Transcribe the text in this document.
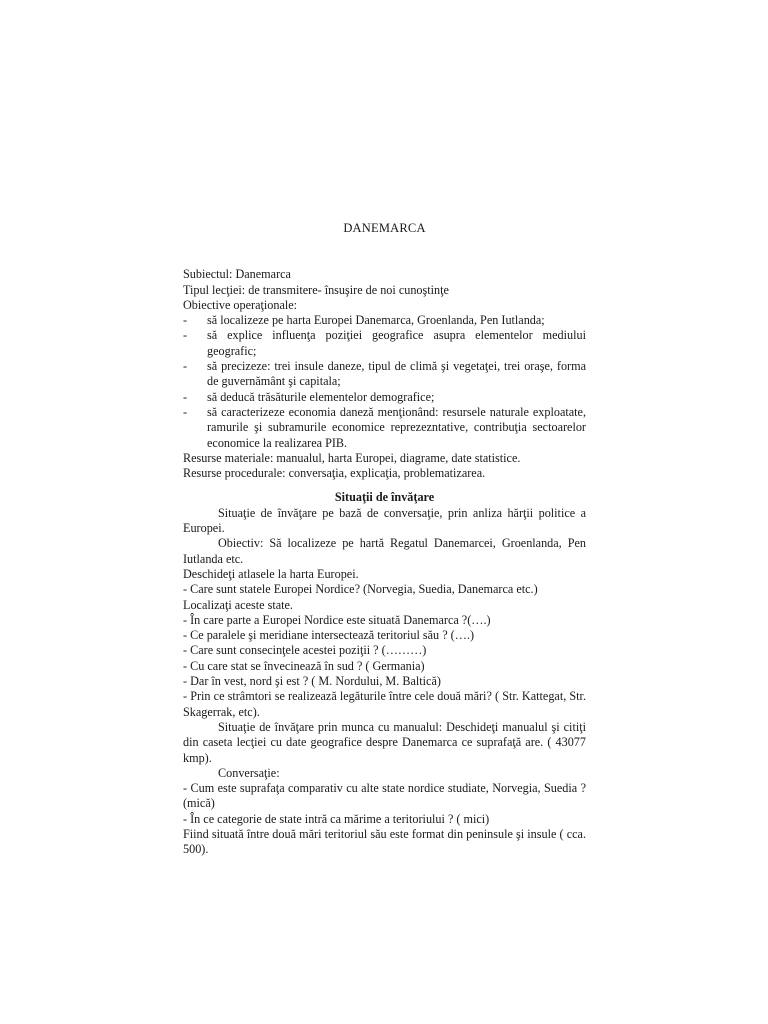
DANEMARCA

Subiectul: Danemarca

Tipul lecţiei: de transmitere- însuşire de noi cunoştinţe

Obiective operaţionale:

- să localizeze pe harta Europei Danemarca, Groenlanda, Pen Iutlanda;
- să explice influenţa poziţiei geografice asupra elementelor mediului geografic;
- să precizeze: trei insule daneze, tipul de climă şi vegetaţei, trei oraşe, forma de guvernământ şi capitala;
- să deducă trăsăturile elementelor demografice;
- să caracterizeze economia daneză menţionând: resursele naturale exploatate, ramurile şi subramurile economice reprezezntative, contribuţia sectoarelor economice la realizarea PIB.

Resurse materiale: manualul, harta Europei, diagrame, date statistice.

Resurse procedurale: conversaţia, explicaţia, problematizarea.

Situaţii de învăţare

Situaţie de învăţare pe bază de conversaţie, prin anliza hărţii politice a Europei.

Obiectiv: Să localizeze pe hartă Regatul Danemarcei, Groenlanda, Pen Iutlanda etc.

Deschideţi atlasele la harta Europei.

- Care sunt statele Europei Nordice? (Norvegia, Suedia, Danemarca etc.)

Localizaţi aceste state.

- În care parte a Europei Nordice este situată Danemarca ?(….)

- Ce paralele şi meridiane intersectează teritoriul său ? (….)

- Care sunt consecinţele acestei poziţii ? (………)

- Cu care stat se învecinează în sud ? ( Germania)

- Dar în vest, nord şi est ? ( M. Nordului, M. Baltică)

- Prin ce strâmtori se realizează legăturile între cele două mări? ( Str. Kattegat, Str. Skagerrak, etc).

Situaţie de învăţare prin munca cu manualul: Deschideţi manualul şi citiţi din caseta lecţiei cu date geografice despre Danemarca ce suprafaţă are. ( 43077 kmp).

Conversaţie:

- Cum este suprafaţa comparativ cu alte state nordice studiate, Norvegia, Suedia ? (mică)

- În ce categorie de state intră ca mărime a teritoriului ? ( mici)

Fiind situată între două mări teritoriul său este format din peninsule şi insule ( cca. 500).
